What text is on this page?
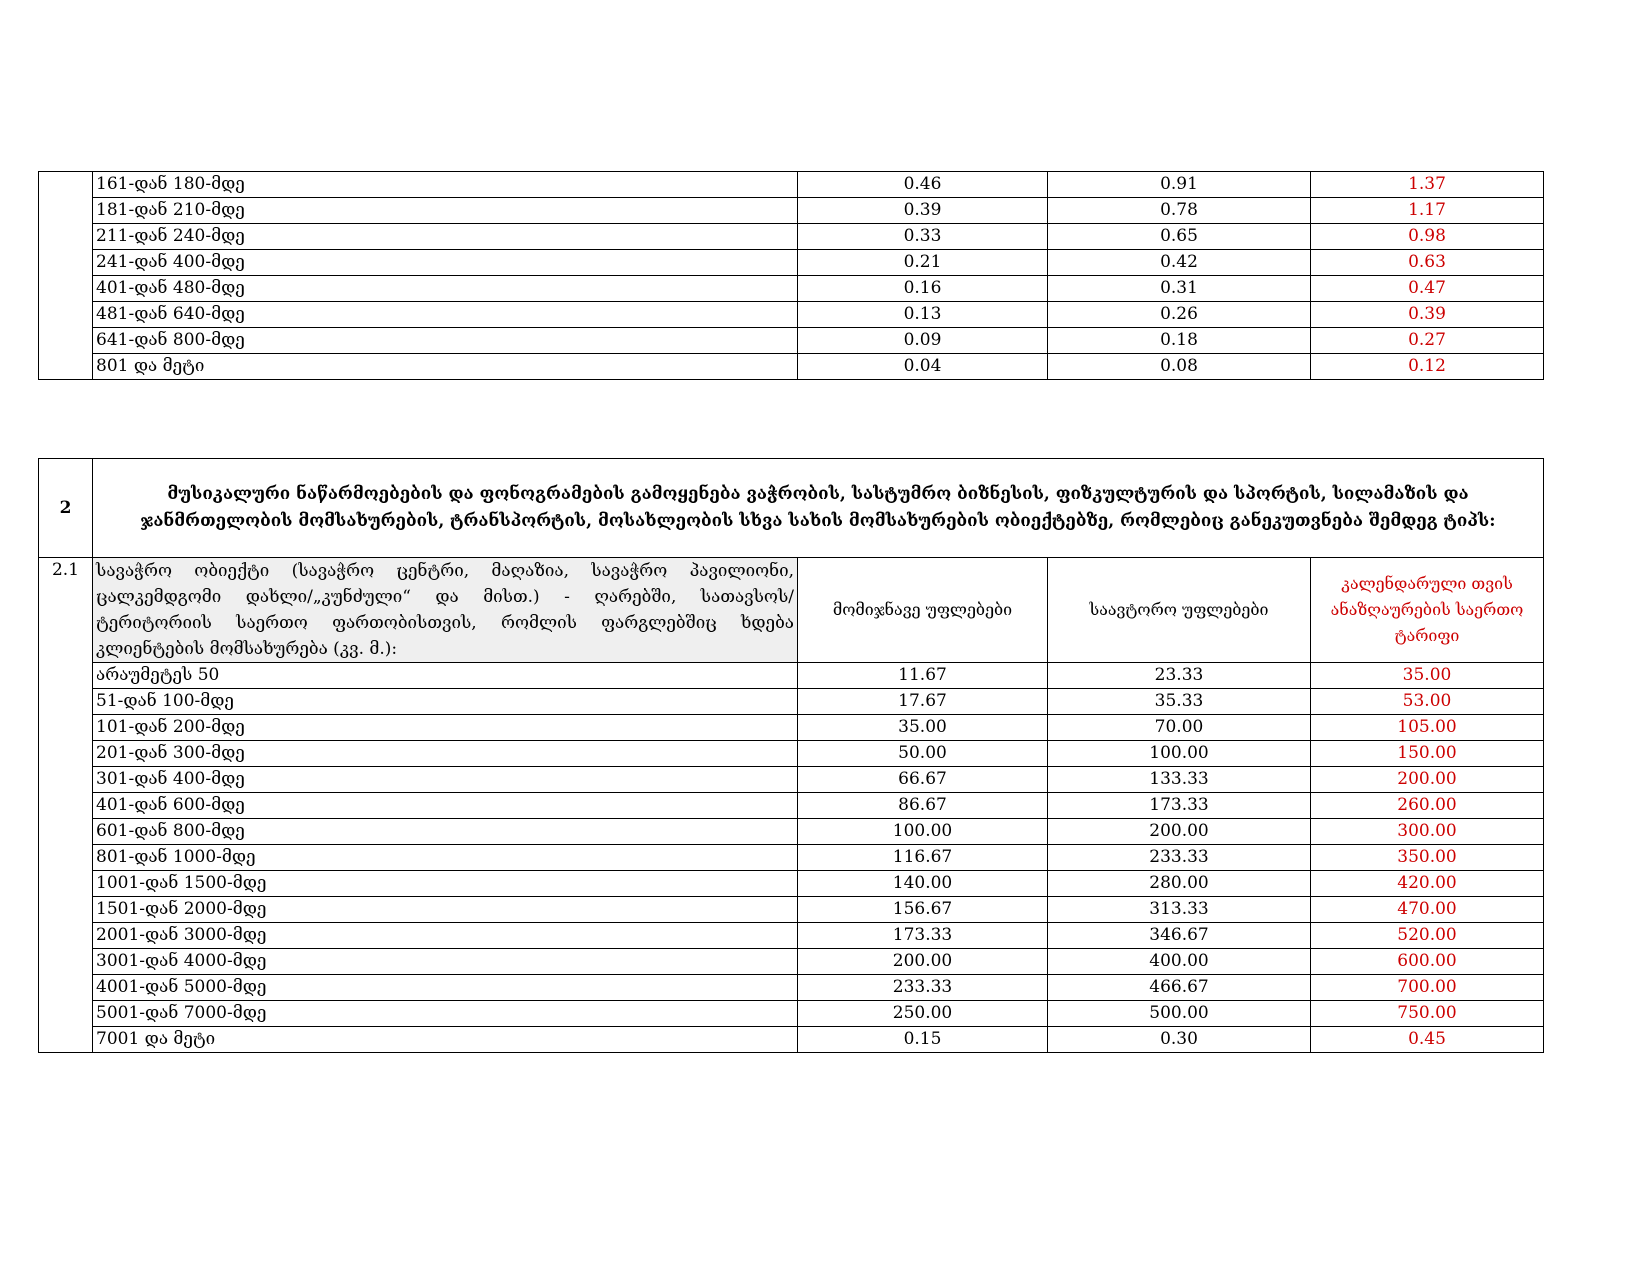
	161-დან 180-მდე	0.46	0.91	1.37
	181-დან 210-მდე	0.39	0.78	1.17
	211-დან 240-მდე	0.33	0.65	0.98
	241-დან 400-მდე	0.21	0.42	0.63
	401-დან 480-მდე	0.16	0.31	0.47
	481-დან 640-მდე	0.13	0.26	0.39
	641-დან 800-მდე	0.09	0.18	0.27
	801 და მეტი	0.04	0.08	0.12
2	მუსიკალური ნაწარმოებების და ფონოგრამების გამოყენება ვაჭრობის, სასტუმრო ბიზნესის, ფიზკულტურის და სპორტის, სილამაზის და ჯანმრთელობის მომსახურების, ტრანსპორტის, მოსახლეობის სხვა სახის მომსახურების ობიექტებზე, რომლებიც განეკუთვნება შემდეგ ტიპს:			
2.1	სავაჭრო ობიექტი (სავაჭრო ცენტრი, მაღაზია, სავაჭრო პავილიონი, ცალკემდგომი დახლი/„კუნძული“ და მისთ.) - ღარებში, სათავსოს/ტერიტორიის საერთო ფართობისთვის, რომლის ფარგლებშიც ხდება კლიენტების მომსახურება (კვ. მ.):	მომიჯნავე უფლებები	საავტორო უფლებები	კალენდარული თვის ანაზღაურების საერთო ტარიფი
	არაუმეტეს 50	11.67	23.33	35.00
	51-დან 100-მდე	17.67	35.33	53.00
	101-დან 200-მდე	35.00	70.00	105.00
	201-დან 300-მდე	50.00	100.00	150.00
	301-დან 400-მდე	66.67	133.33	200.00
	401-დან 600-მდე	86.67	173.33	260.00
	601-დან 800-მდე	100.00	200.00	300.00
	801-დან 1000-მდე	116.67	233.33	350.00
	1001-დან 1500-მდე	140.00	280.00	420.00
	1501-დან 2000-მდე	156.67	313.33	470.00
	2001-დან 3000-მდე	173.33	346.67	520.00
	3001-დან 4000-მდე	200.00	400.00	600.00
	4001-დან 5000-მდე	233.33	466.67	700.00
	5001-დან 7000-მდე	250.00	500.00	750.00
	7001 და მეტი	0.15	0.30	0.45
